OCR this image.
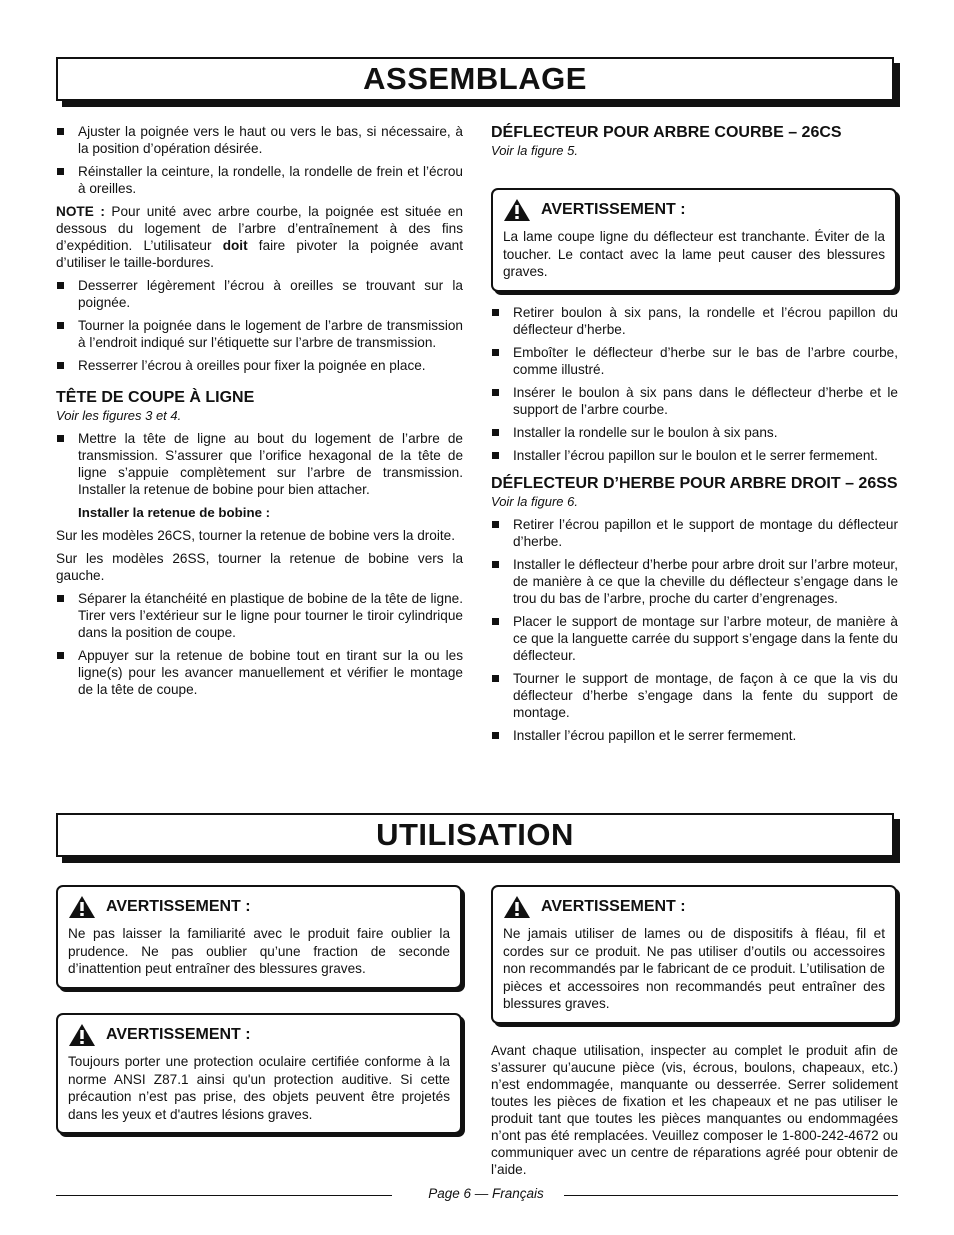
ASSEMBLAGE
Ajuster la poignée vers le haut ou vers le bas, si nécessaire, à la position d’opération désirée.
Réinstaller la ceinture, la rondelle, la rondelle de frein et l’écrou à oreilles.

NOTE : Pour unité avec arbre courbe, la poignée est située en dessous du logement de l’arbre d’entraînement à des fins d’expédition. L’utilisateur doit faire pivoter la poignée avant d’utiliser le taille-bordures.

Desserrer légèrement l’écrou à oreilles se trouvant sur la poignée.
Tourner la poignée dans le logement de l’arbre de transmission à l’endroit indiqué sur l’étiquette sur l’arbre de transmission.
Resserrer l’écrou à oreilles pour fixer la poignée en place.
TÊTE DE COUPE À LIGNE

Voir les figures 3 et 4.

Mettre la tête de ligne au bout du logement de l’arbre de transmission. S’assurer que l’orifice hexagonal de la tête de ligne s’appuie complètement sur l’arbre de transmission. Installer la retenue de bobine pour bien attacher.
Installer la retenue de bobine :

Sur les modèles 26CS, tourner la retenue de bobine vers la droite.

Sur les modèles 26SS, tourner la retenue de bobine vers la gauche.

Séparer la étanchéité en plastique de bobine de la tête de ligne. Tirer vers l’extérieur sur le ligne pour tourner le tiroir cylindrique dans la position de coupe.
Appuyer sur la retenue de bobine tout en tirant sur la ou les ligne(s) pour les avancer manuellement et vérifier le montage de la tête de coupe.
DÉFLECTEUR POUR ARBRE COURBE – 26CS

Voir la figure 5.

AVERTISSEMENT :
La lame coupe ligne du déflecteur est tranchante. Éviter de la toucher. Le contact avec la lame peut causer des blessures graves.
Retirer boulon à six pans, la rondelle et l’écrou papillon du déflecteur d’herbe.
Emboîter le déflecteur d’herbe sur le bas de l’arbre courbe, comme illustré.
Insérer le boulon à six pans dans le déflecteur d’herbe et le support de l’arbre courbe.
Installer la rondelle sur le boulon à six pans.
Installer l’écrou papillon sur le boulon et le serrer fermement.
DÉFLECTEUR D’HERBE POUR ARBRE DROIT – 26SS

Voir la figure 6.

Retirer l’écrou papillon et le support de montage du déflecteur d’herbe.
Installer le déflecteur d’herbe pour arbre droit sur l’arbre moteur, de manière à ce que la cheville du déflecteur s’engage dans le trou du bas de l’arbre, proche du carter d’engrenages.
Placer le support de montage sur l’arbre moteur, de manière à ce que la languette carrée du support s’engage dans la fente du déflecteur.
Tourner le support de montage, de façon à ce que la vis du déflecteur d’herbe s’engage dans la fente du support de montage.
Installer l’écrou papillon et le serrer fermement.
UTILISATION
AVERTISSEMENT :
Ne pas laisser la familiarité avec le produit faire oublier la prudence. Ne pas oublier qu’une fraction de seconde d’inattention peut entraîner des blessures graves.
AVERTISSEMENT :
Toujours porter une protection oculaire certifiée conforme à la norme ANSI Z87.1 ainsi qu'un protection auditive. Si cette précaution n’est pas prise, des objets peuvent être projetés dans les yeux et d'autres lésions graves.
AVERTISSEMENT :
Ne jamais utiliser de lames ou de dispositifs à fléau, fil et cordes sur ce produit. Ne pas utiliser d’outils ou accessoires non recommandés par le fabricant de ce produit. L’utilisation de pièces et accessoires non recommandés peut entraîner des blessures graves.

Avant chaque utilisation, inspecter au complet le produit afin de s’assurer qu’aucune pièce (vis, écrous, boulons, chapeaux, etc.) n’est endommagée, manquante ou desserrée. Serrer solidement toutes les pièces de fixation et les chapeaux et ne pas utiliser le produit tant que toutes les pièces manquantes ou endommagées n’ont pas été remplacées. Veuillez composer le 1-800-242-4672 ou communiquer avec un centre de réparations agréé pour obtenir de l’aide.

Page 6 — Français
